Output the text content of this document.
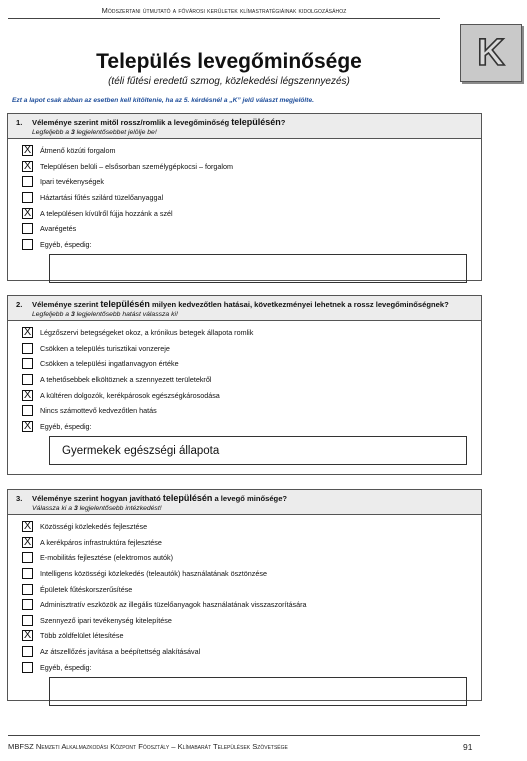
Módszertani útmutató a fővárosi kerületek klímastratégiáinak kidolgozásához
K
Település levegőminősége
(téli fűtési eredetű szmog, közlekedési légszennyezés)
Ezt a lapot csak abban az esetben kell kitöltenie, ha az 5. kérdésnél a „K” jelű választ megjelölte.
1.	Véleménye szerint mitől rossz/romlik a levegőminőség településén?
Legfeljebb a 3 legjelentősebbet jelölje be!
X Átmenő közúti forgalom
X Településen belüli – elsősorban személygépkocsi – forgalom
Ipari tevékenységek
Háztartási fűtés szilárd tüzelőanyaggal
X A településen kívülről fújja hozzánk a szél
Avarégetés
Egyéb, éspedig:
2.	Véleménye szerint településén milyen kedvezőtlen hatásai, következményei lehetnek a rossz levegőminőségnek?
Legfeljebb a 3 legjelentősebb hatást válassza ki!
X Légzőszervi betegségeket okoz, a krónikus betegek állapota romlik
Csökken a település turisztikai vonzereje
Csökken a települési ingatlanvagyon értéke
A tehetősebbek elköltöznek a szennyezett területekről
X A kültéren dolgozók, kerékpárosok egészségkárosodása
Nincs számottevő kedvezőtlen hatás
X Egyéb, éspedig:
Gyermekek egészségi állapota
3.	Véleménye szerint hogyan javítható településén a levegő minősége?
Válassza ki a 3 legjelentősebb intézkedést!
X Közösségi közlekedés fejlesztése
X A kerékpáros infrastruktúra fejlesztése
E-mobilitás fejlesztése (elektromos autók)
Intelligens közösségi közlekedés (teleautók) használatának ösztönzése
Épületek fűtéskorszerűsítése
Adminisztratív eszközök az illegális tüzelőanyagok használatának visszaszorítására
Szennyező ipari tevékenység kitelepítése
X Több zöldfelület létesítése
Az átszellőzés javítása a beépítettség alakításával
Egyéb, éspedig:
MBFSZ Nemzeti Alkalmazkodási Központ Főosztály – Klímabarát Települések Szövetsége	91
